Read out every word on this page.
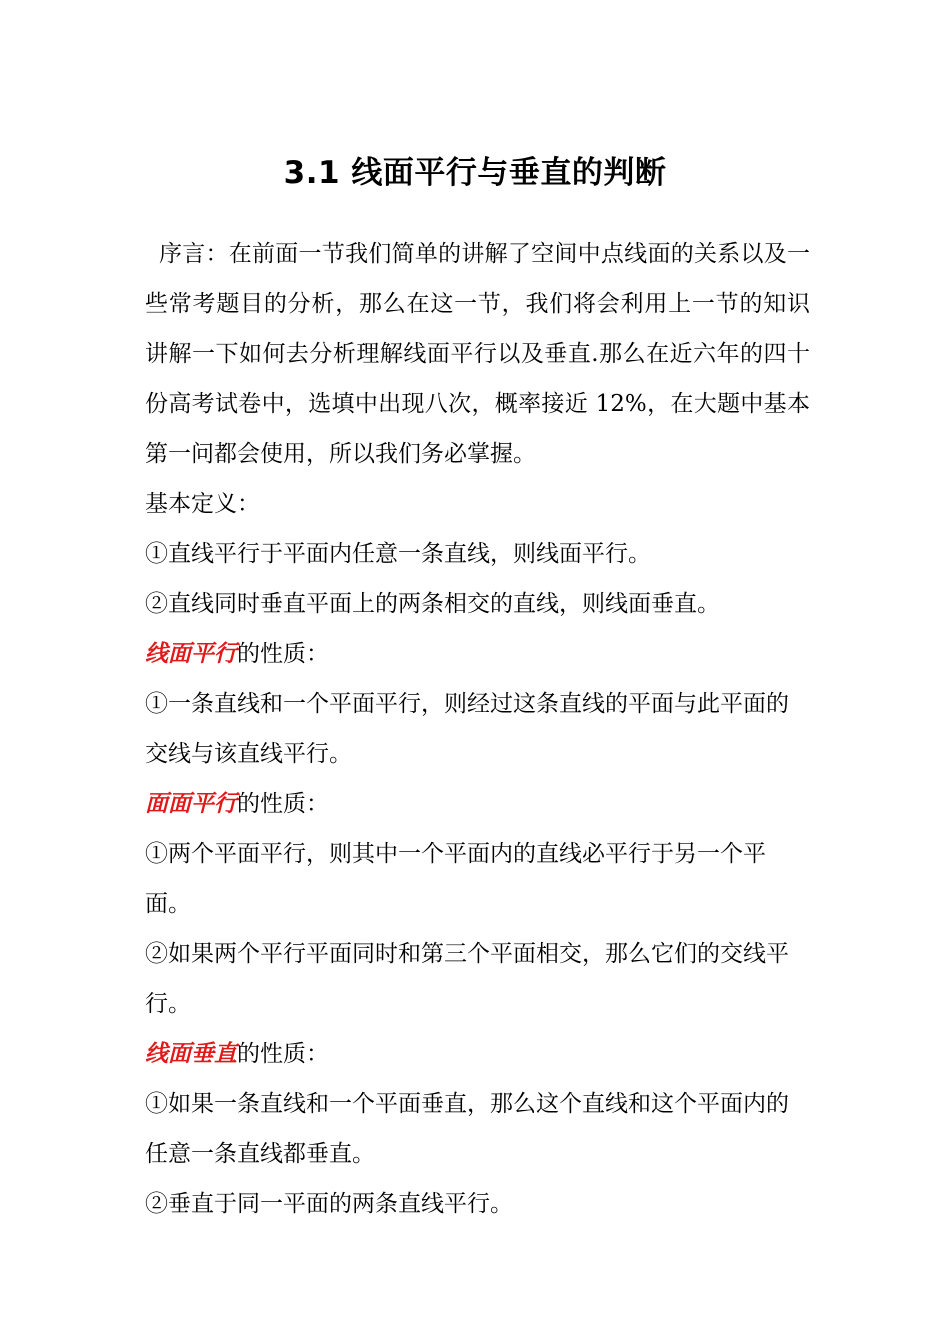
3.1 线面平行与垂直的判断

序言：在前面一节我们简单的讲解了空间中点线面的关系以及一些常考题目的分析，那么在这一节，我们将会利用上一节的知识讲解一下如何去分析理解线面平行以及垂直.那么在近六年的四十份高考试卷中，选填中出现八次，概率接近 12%，在大题中基本第一问都会使用，所以我们务必掌握。

基本定义：

①直线平行于平面内任意一条直线，则线面平行。

②直线同时垂直平面上的两条相交的直线，则线面垂直。

线面平行的性质：

①一条直线和一个平面平行，则经过这条直线的平面与此平面的交线与该直线平行。

面面平行的性质：

①两个平面平行，则其中一个平面内的直线必平行于另一个平面。

②如果两个平行平面同时和第三个平面相交，那么它们的交线平行。

线面垂直的性质：

①如果一条直线和一个平面垂直，那么这个直线和这个平面内的任意一条直线都垂直。

②垂直于同一平面的两条直线平行。
